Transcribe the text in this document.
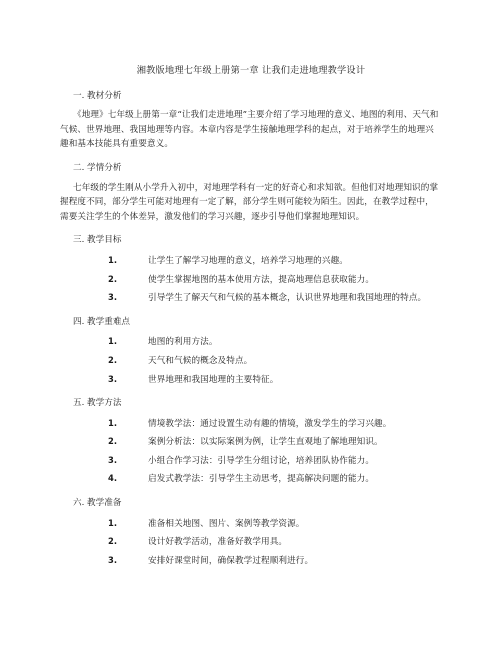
湘教版地理七年级上册第一章 让我们走进地理教学设计
一. 教材分析

《地理》七年级上册第一章“让我们走进地理”主要介绍了学习地理的意义、地图的利用、天气和气候、世界地理、我国地理等内容。本章内容是学生接触地理学科的起点，对于培养学生的地理兴趣和基本技能具有重要意义。

二. 学情分析

七年级的学生刚从小学升入初中，对地理学科有一定的好奇心和求知欲。但他们对地理知识的掌握程度不同，部分学生可能对地理有一定了解，部分学生则可能较为陌生。因此，在教学过程中，需要关注学生的个体差异，激发他们的学习兴趣，逐步引导他们掌握地理知识。

三. 教学目标
1.	让学生了解学习地理的意义，培养学习地理的兴趣。
2.	使学生掌握地图的基本使用方法，提高地理信息获取能力。
3.	引导学生了解天气和气候的基本概念，认识世界地理和我国地理的特点。
四. 教学重难点
1.	地图的利用方法。
2.	天气和气候的概念及特点。
3.	世界地理和我国地理的主要特征。
五. 教学方法
1.	情境教学法：通过设置生动有趣的情境，激发学生的学习兴趣。
2.	案例分析法：以实际案例为例，让学生直观地了解地理知识。
3.	小组合作学习法：引导学生分组讨论，培养团队协作能力。
4.	启发式教学法：引导学生主动思考，提高解决问题的能力。
六. 教学准备
1.	准备相关地图、图片、案例等教学资源。
2.	设计好教学活动，准备好教学用具。
3.	安排好课堂时间，确保教学过程顺利进行。
